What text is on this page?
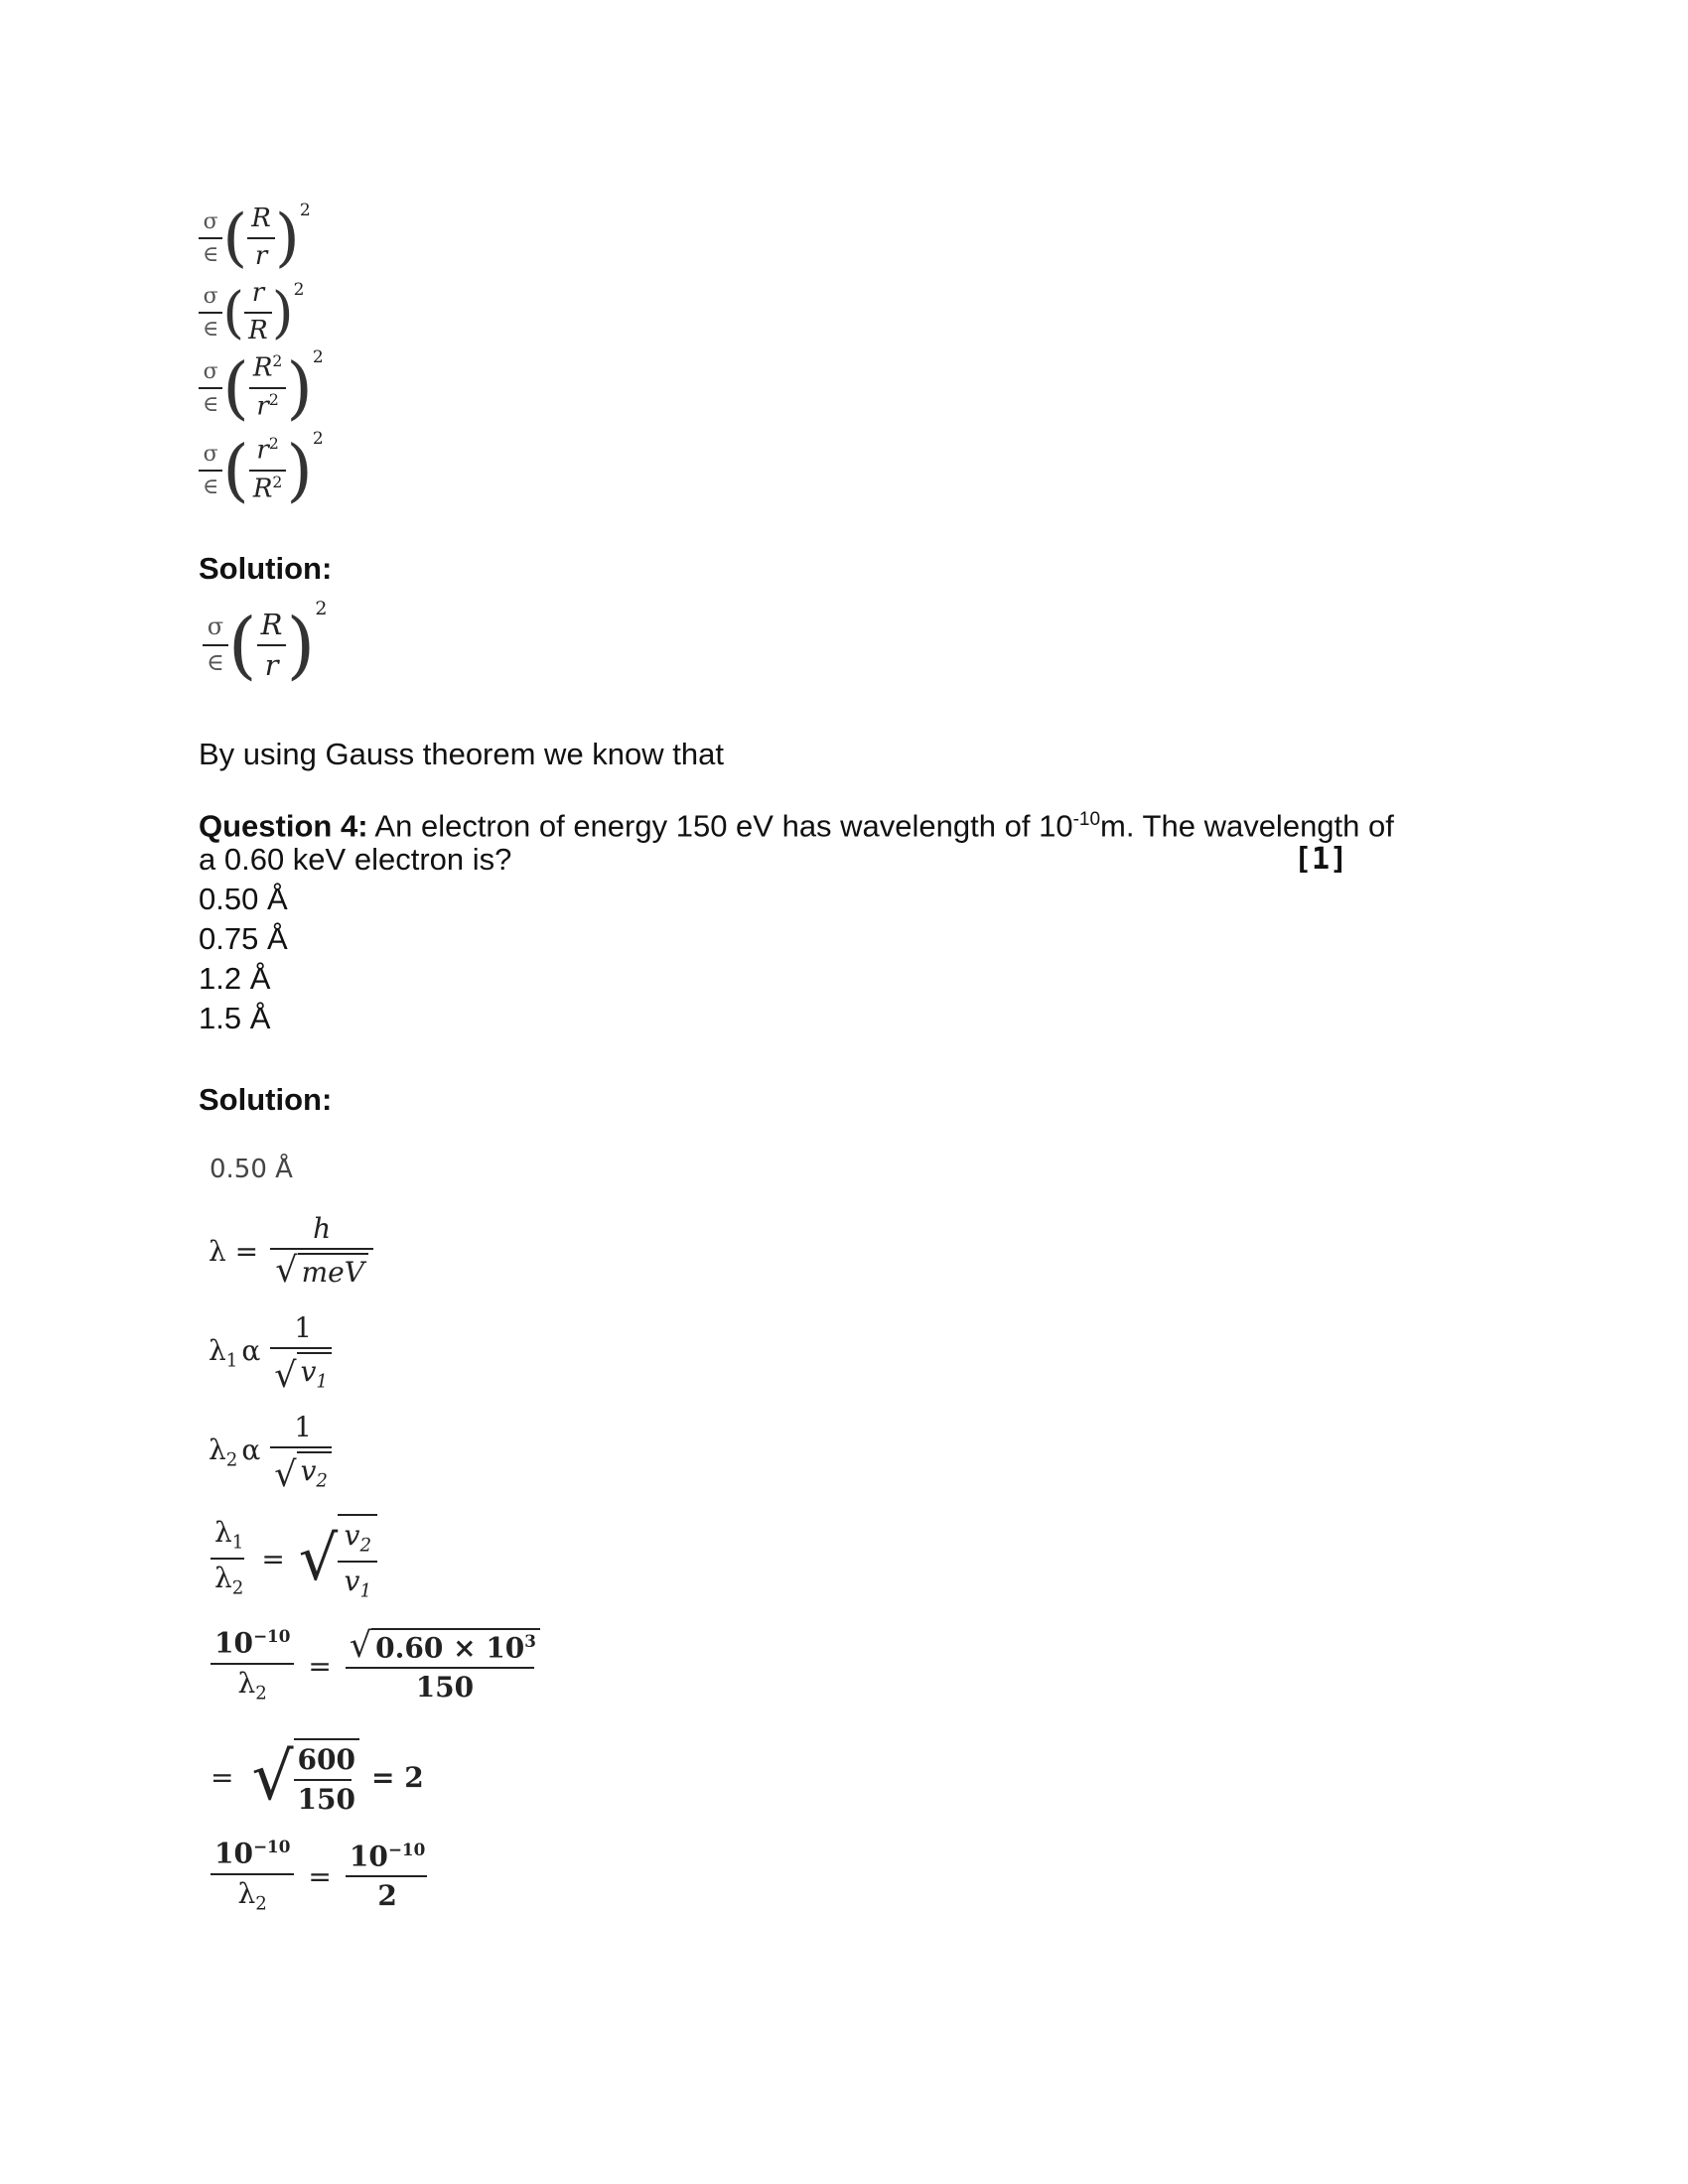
$\frac{\sigma}{\in}$ ( $\frac{R}{r}$ ) 2
$\frac{\sigma}{\in}$ ( $\frac{r}{R}$ ) 2
$\frac{\sigma}{\in}$ ( $\frac{R^2}{r^2}$ ) 2
$\frac{\sigma}{\in}$ ( $\frac{r^2}{R^2}$ ) 2
Solution:
$\frac{\sigma}{\in}$ ( $\frac{R}{r}$ ) 2
By using Gauss theorem we know that
Question 4: An electron of energy 150 eV has wavelength of $10^{-10}m$. The wavelength of
a 0.60 keV electron is?	[1]
0.50 Å
0.75 Å
1.2 Å
1.5 Å
Solution:
0.50 Å
$\lambda = \frac{h}{\text{√ meV}}$
$\lambda_1$ α $\frac{1}{√ v_1}$
$\lambda_2$ α $\frac{1}{√ v_2}$
$\frac{\lambda_1}{\lambda_2}$ = √ $\frac{v_2}{v_1}$
$\frac{10^{-10}}{\lambda_2} = \frac{√ 0.60 \times 10^3}{150}$
= √ $\frac{600}{150} = 2$
$\frac{10^{-10}}{\lambda_2} = \frac{10^{-10}}{2}$
